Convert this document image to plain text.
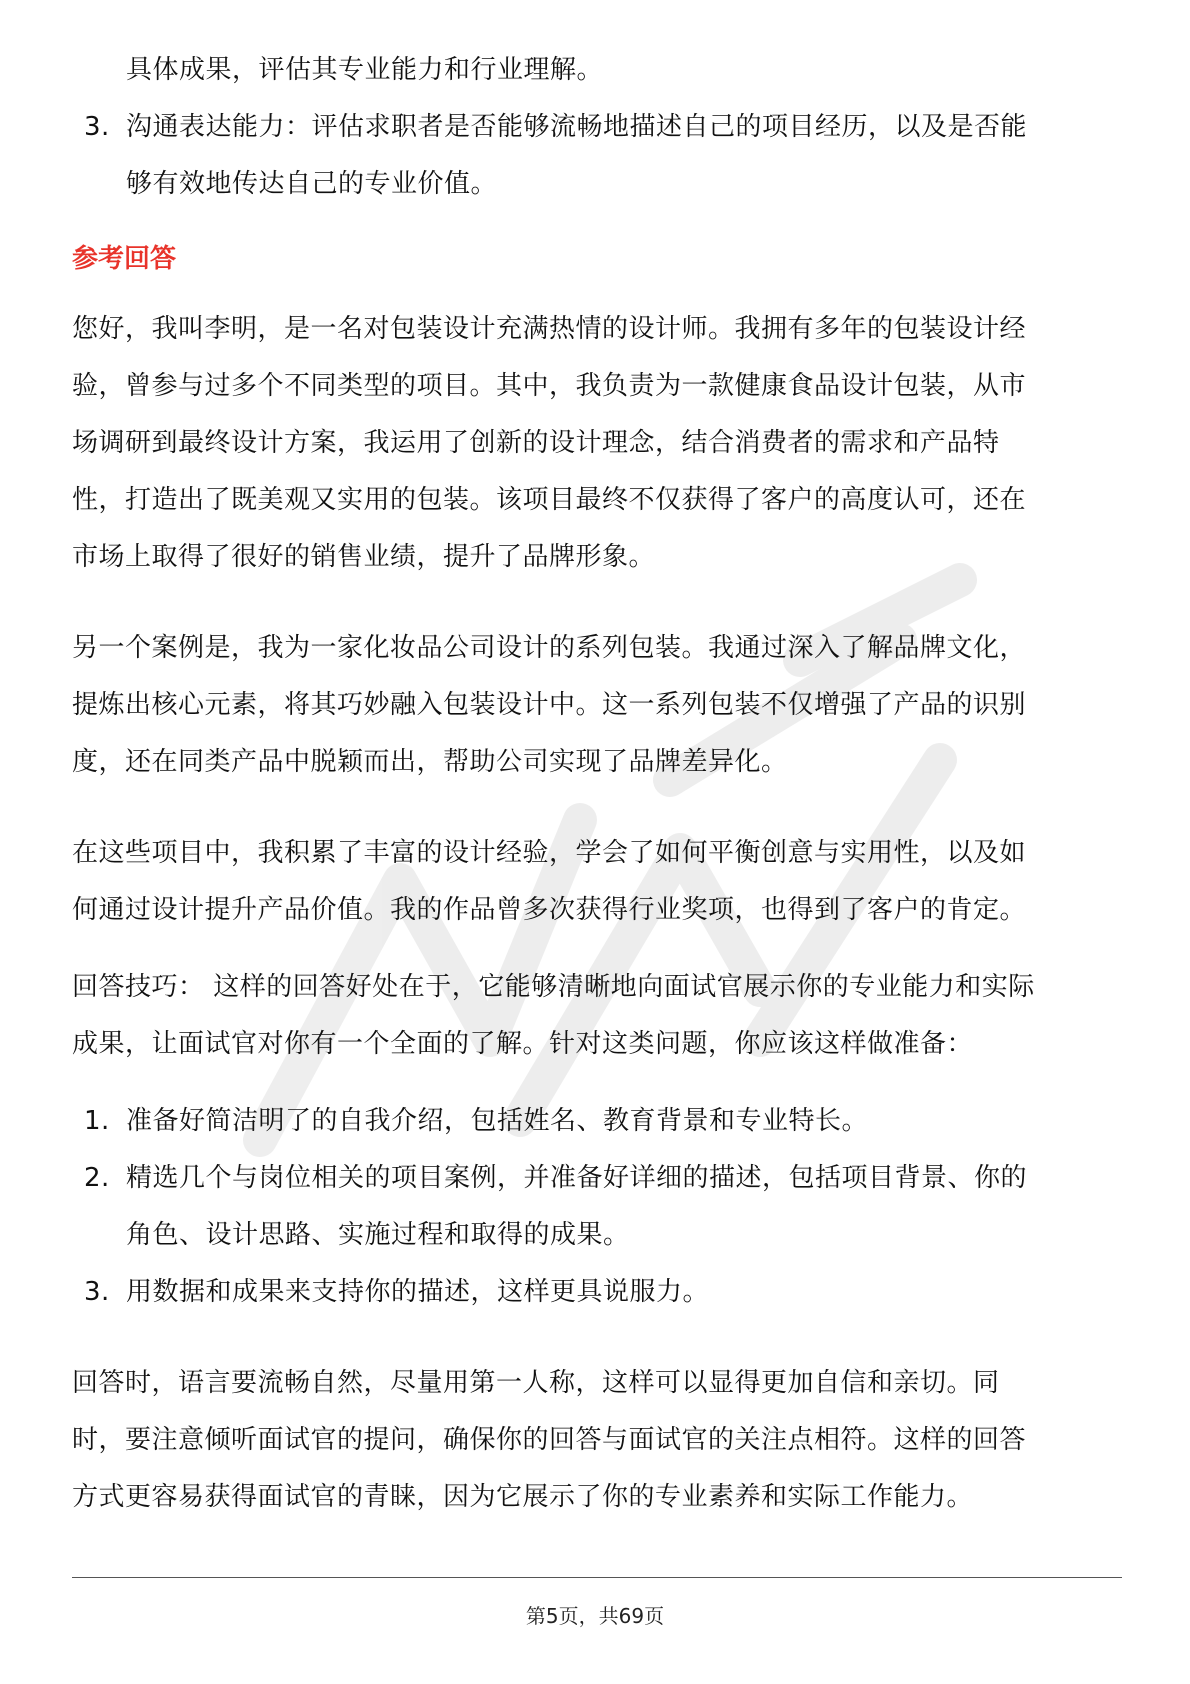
具体成果，评估其专业能力和行业理解。

3. 沟通表达能力：评估求职者是否能够流畅地描述自己的项目经历，以及是否能

够有效地传达自己的专业价值。

参考回答

您好，我叫李明，是一名对包装设计充满热情的设计师。我拥有多年的包装设计经

验，曾参与过多个不同类型的项目。其中，我负责为一款健康食品设计包装，从市

场调研到最终设计方案，我运用了创新的设计理念，结合消费者的需求和产品特

性，打造出了既美观又实用的包装。该项目最终不仅获得了客户的高度认可，还在

市场上取得了很好的销售业绩，提升了品牌形象。

另一个案例是，我为一家化妆品公司设计的系列包装。我通过深入了解品牌文化，

提炼出核心元素，将其巧妙融入包装设计中。这一系列包装不仅增强了产品的识别

度，还在同类产品中脱颖而出，帮助公司实现了品牌差异化。

在这些项目中，我积累了丰富的设计经验，学会了如何平衡创意与实用性，以及如

何通过设计提升产品价值。我的作品曾多次获得行业奖项，也得到了客户的肯定。

回答技巧： 这样的回答好处在于，它能够清晰地向面试官展示你的专业能力和实际

成果，让面试官对你有一个全面的了解。针对这类问题，你应该这样做准备：

1. 准备好简洁明了的自我介绍，包括姓名、教育背景和专业特长。
2. 精选几个与岗位相关的项目案例，并准备好详细的描述，包括项目背景、你的

角色、设计思路、实施过程和取得的成果。

3. 用数据和成果来支持你的描述，这样更具说服力。

回答时，语言要流畅自然，尽量用第一人称，这样可以显得更加自信和亲切。同

时，要注意倾听面试官的提问，确保你的回答与面试官的关注点相符。这样的回答

方式更容易获得面试官的青睐，因为它展示了你的专业素养和实际工作能力。

第5页，共69页
